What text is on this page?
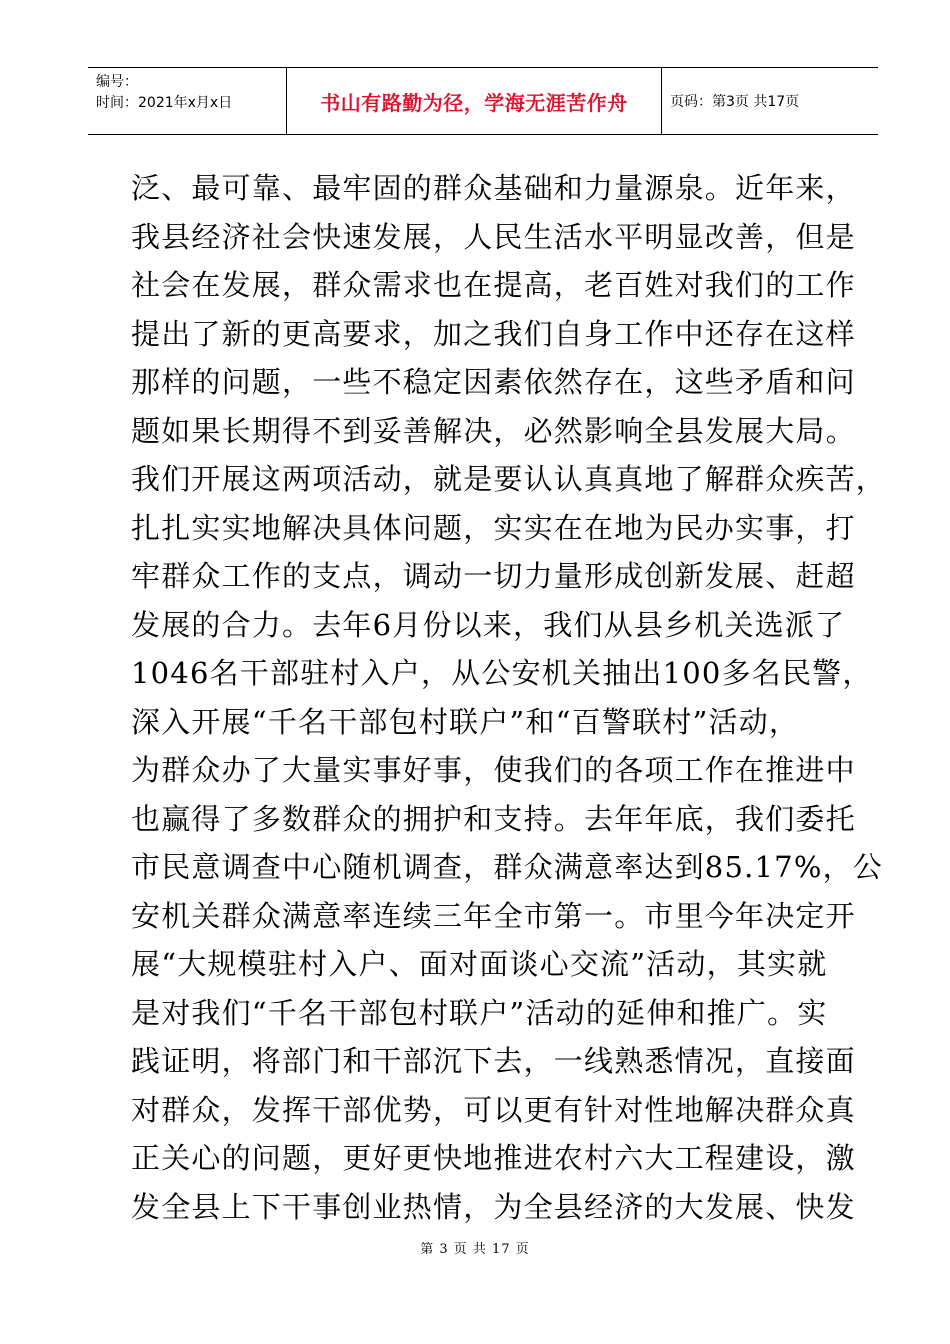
编号：
时间：2021年x月x日	书山有路勤为径，学海无涯苦作舟	页码：第3页 共17页
泛、最可靠、最牢固的群众基础和力量源泉。近年来，
我县经济社会快速发展，人民生活水平明显改善，但是
社会在发展，群众需求也在提高，老百姓对我们的工作
提出了新的更高要求，加之我们自身工作中还存在这样
那样的问题，一些不稳定因素依然存在，这些矛盾和问
题如果长期得不到妥善解决，必然影响全县发展大局。
我们开展这两项活动，就是要认认真真地了解群众疾苦，
扎扎实实地解决具体问题，实实在在地为民办实事，打
牢群众工作的支点，调动一切力量形成创新发展、赶超
发展的合力。去年6月份以来，我们从县乡机关选派了
1046名干部驻村入户，从公安机关抽出100多名民警，
深入开展“千名干部包村联户”和“百警联村”活动，
为群众办了大量实事好事，使我们的各项工作在推进中
也赢得了多数群众的拥护和支持。去年年底，我们委托
市民意调查中心随机调查，群众满意率达到85.17%，公
安机关群众满意率连续三年全市第一。市里今年决定开
展“大规模驻村入户、面对面谈心交流”活动，其实就
是对我们“千名干部包村联户”活动的延伸和推广。实
践证明，将部门和干部沉下去，一线熟悉情况，直接面
对群众，发挥干部优势，可以更有针对性地解决群众真
正关心的问题，更好更快地推进农村六大工程建设，激
发全县上下干事创业热情，为全县经济的大发展、快发
第 3 页 共 17 页
